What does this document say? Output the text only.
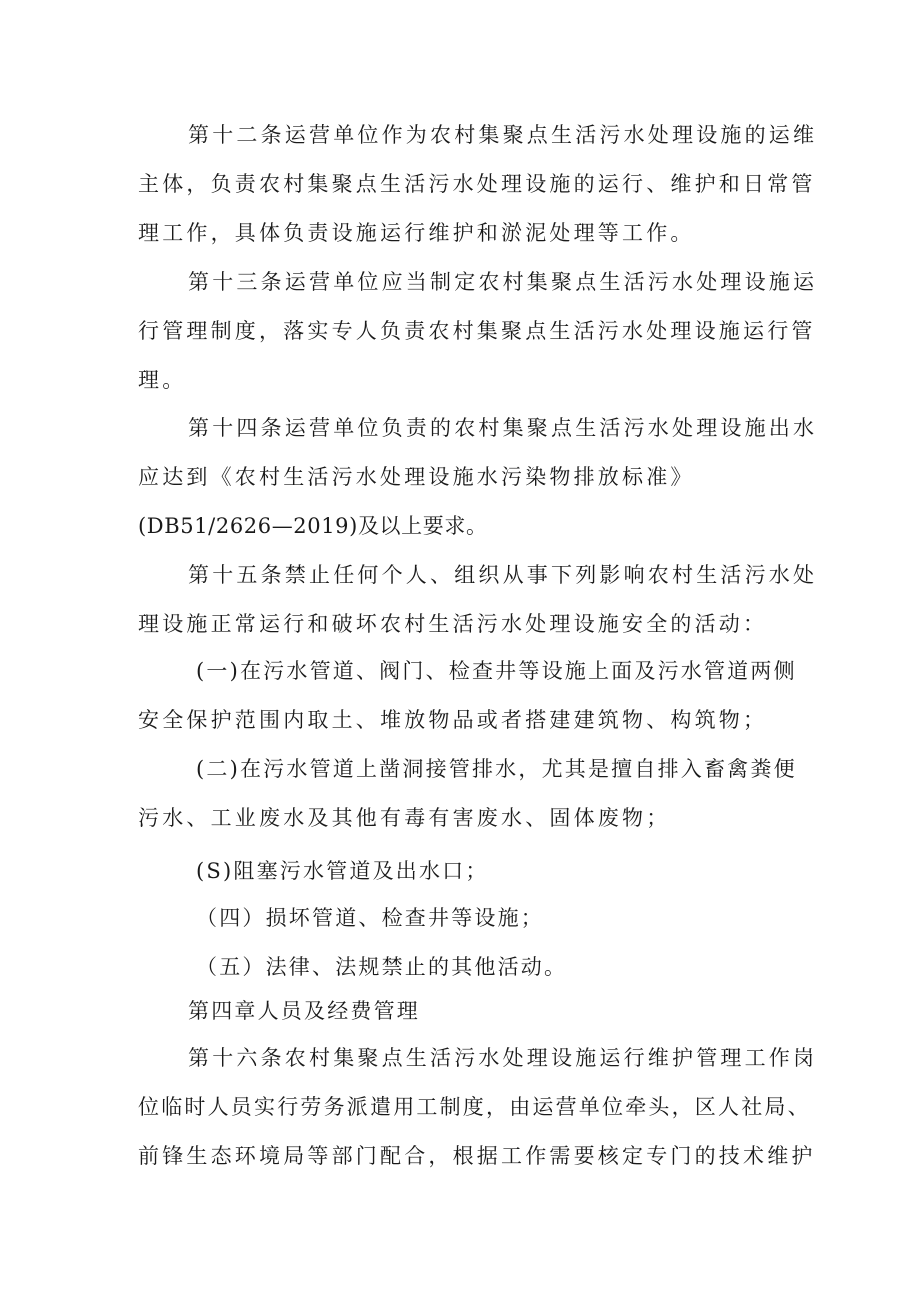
第十二条运营单位作为农村集聚点生活污水处理设施的运维
主体，负责农村集聚点生活污水处理设施的运行、维护和日常管
理工作，具体负责设施运行维护和淤泥处理等工作。
第十三条运营单位应当制定农村集聚点生活污水处理设施运
行管理制度，落实专人负责农村集聚点生活污水处理设施运行管
理。
第十四条运营单位负责的农村集聚点生活污水处理设施出水
应达到《农村生活污水处理设施水污染物排放标准》
(DB51/2626—2019)及以上要求。
第十五条禁止任何个人、组织从事下列影响农村生活污水处
理设施正常运行和破坏农村生活污水处理设施安全的活动：
(一)在污水管道、阀门、检查井等设施上面及污水管道两侧
安全保护范围内取土、堆放物品或者搭建建筑物、构筑物；
(二)在污水管道上凿洞接管排水，尤其是擅自排入畜禽粪便
污水、工业废水及其他有毒有害废水、固体废物；
(S)阻塞污水管道及出水口；
（四）损坏管道、检查井等设施；
（五）法律、法规禁止的其他活动。
第四章人员及经费管理
第十六条农村集聚点生活污水处理设施运行维护管理工作岗
位临时人员实行劳务派遣用工制度，由运营单位牵头，区人社局、
前锋生态环境局等部门配合，根据工作需要核定专门的技术维护
